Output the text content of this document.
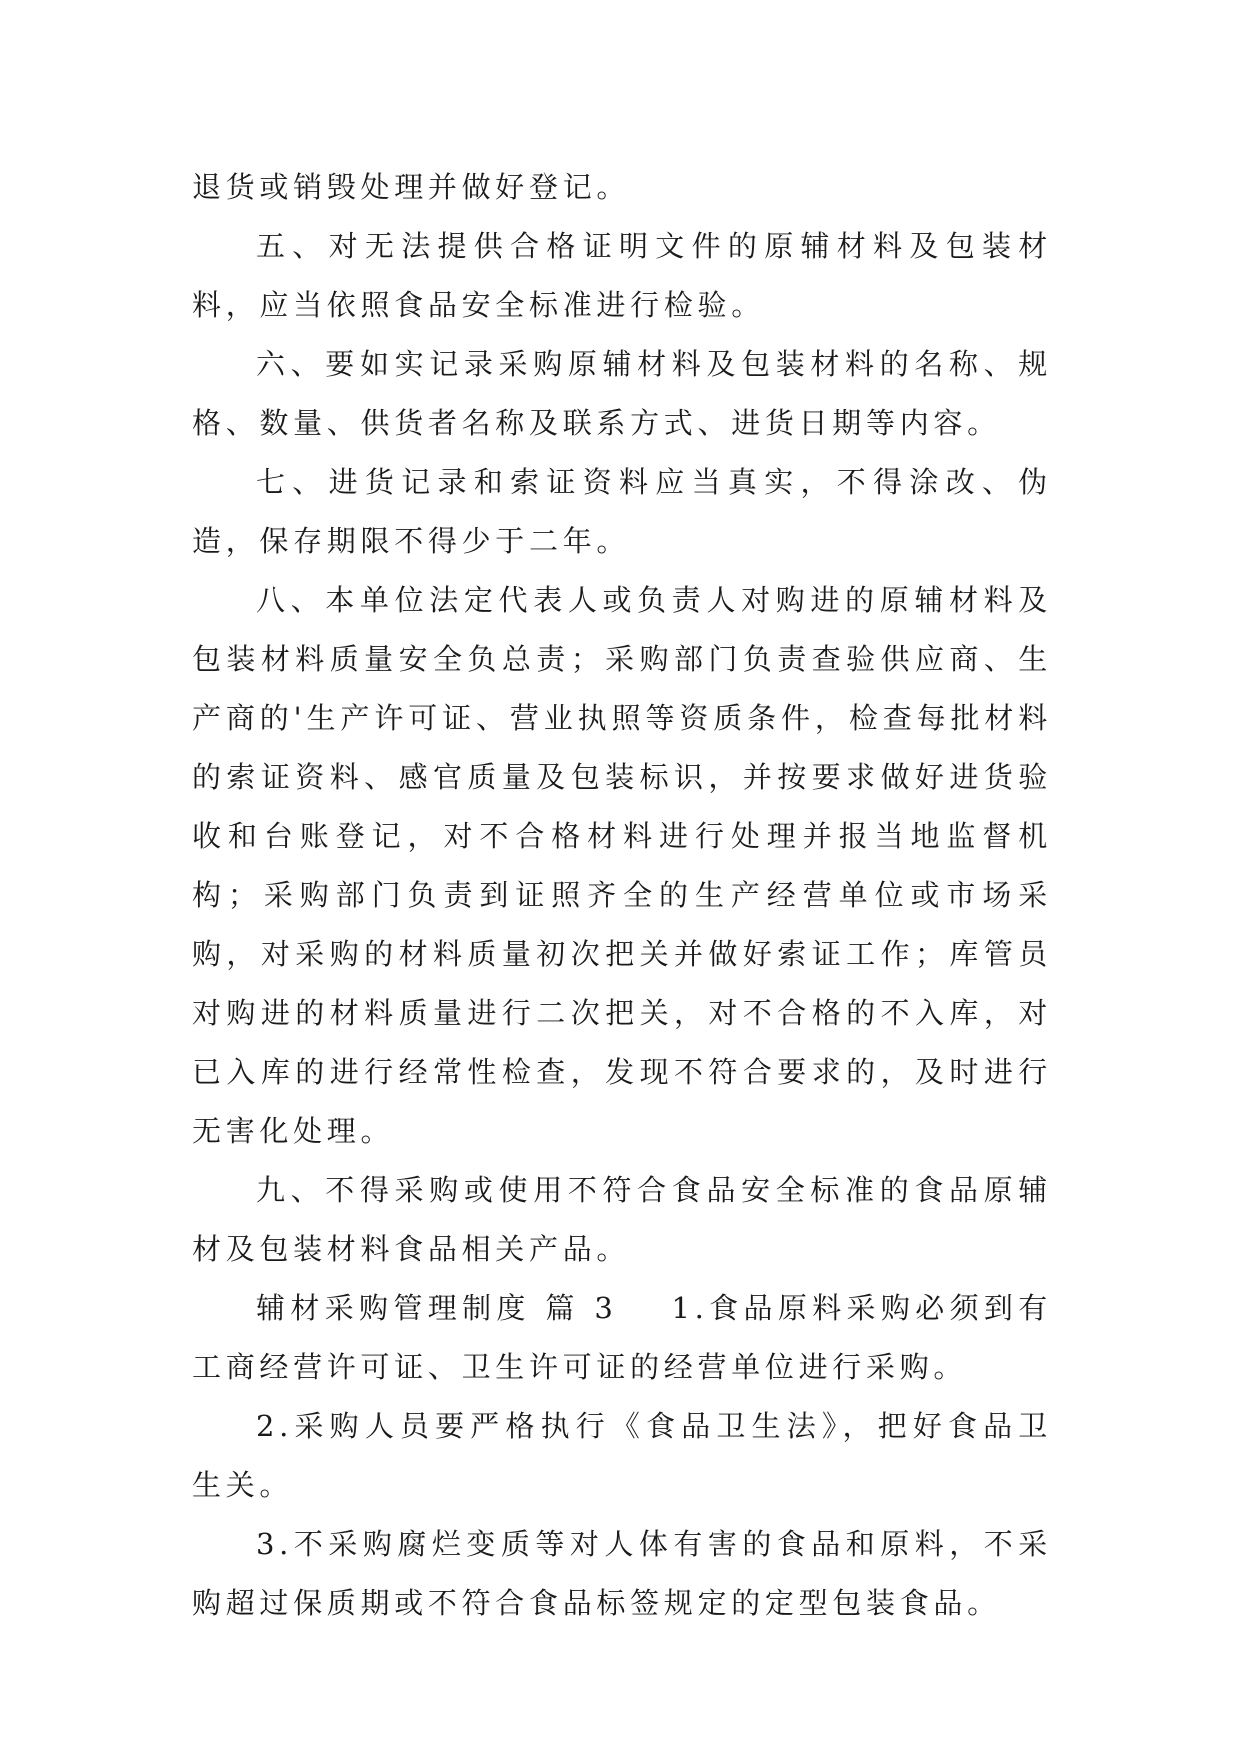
退货或销毁处理并做好登记。

五、对无法提供合格证明文件的原辅材料及包装材料，应当依照食品安全标准进行检验。

六、要如实记录采购原辅材料及包装材料的名称、规格、数量、供货者名称及联系方式、进货日期等内容。

七、进货记录和索证资料应当真实，不得涂改、伪造，保存期限不得少于二年。

八、本单位法定代表人或负责人对购进的原辅材料及包装材料质量安全负总责；采购部门负责查验供应商、生产商的'生产许可证、营业执照等资质条件，检查每批材料的索证资料、感官质量及包装标识，并按要求做好进货验收和台账登记，对不合格材料进行处理并报当地监督机构；采购部门负责到证照齐全的生产经营单位或市场采购，对采购的材料质量初次把关并做好索证工作；库管员对购进的材料质量进行二次把关，对不合格的不入库，对已入库的进行经常性检查，发现不符合要求的，及时进行无害化处理。

九、不得采购或使用不符合食品安全标准的食品原辅材及包装材料食品相关产品。

辅材采购管理制度 篇 3 1.食品原料采购必须到有工商经营许可证、卫生许可证的经营单位进行采购。

2.采购人员要严格执行《食品卫生法》，把好食品卫生关。

3.不采购腐烂变质等对人体有害的食品和原料，不采购超过保质期或不符合食品标签规定的定型包装食品。
